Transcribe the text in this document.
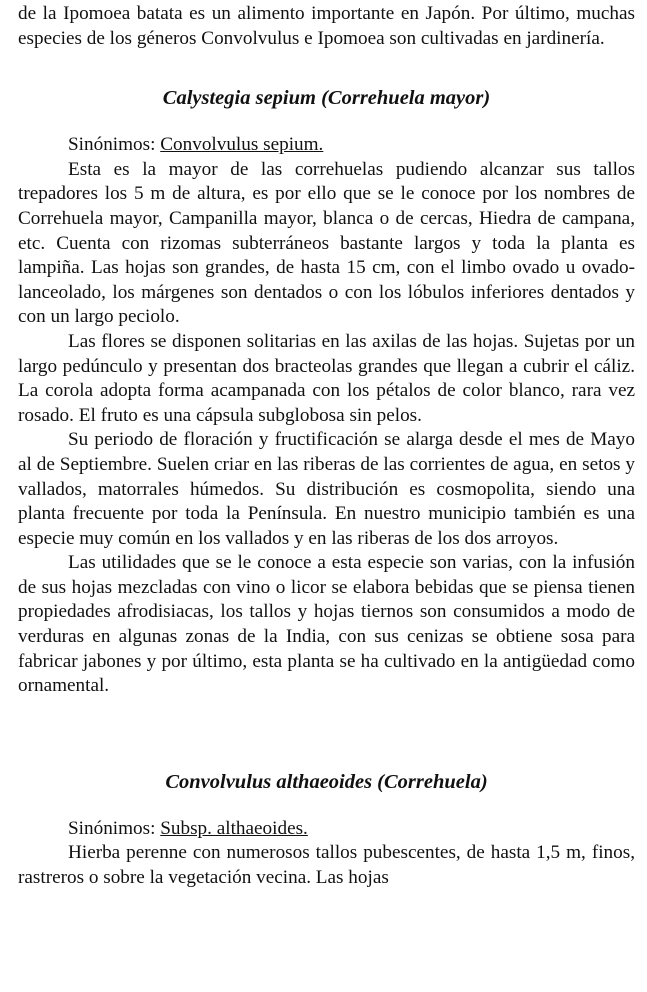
de la Ipomoea batata es un alimento importante en Japón. Por último, muchas especies de los géneros Convolvulus e Ipomoea son cultivadas en jardinería.

Calystegia sepium (Correhuela mayor)

Sinónimos: Convolvulus sepium.

Esta es la mayor de las correhuelas pudiendo alcanzar sus tallos trepadores los 5 m de altura, es por ello que se le conoce por los nombres de Correhuela mayor, Campanilla mayor, blanca o de cercas, Hiedra de campana, etc. Cuenta con rizomas subterráneos bastante largos y toda la planta es lampiña. Las hojas son grandes, de hasta 15 cm, con el limbo ovado u ovado-lanceolado, los márgenes son dentados o con los lóbulos inferiores dentados y con un largo peciolo.

Las flores se disponen solitarias en las axilas de las hojas. Sujetas por un largo pedúnculo y presentan dos bracteolas grandes que llegan a cubrir el cáliz. La corola adopta forma acampanada con los pétalos de color blanco, rara vez rosado. El fruto es una cápsula subglobosa sin pelos.

Su periodo de floración y fructificación se alarga desde el mes de Mayo al de Septiembre. Suelen criar en las riberas de las corrientes de agua, en setos y vallados, matorrales húmedos. Su distribución es cosmopolita, siendo una planta frecuente por toda la Península. En nuestro municipio también es una especie muy común en los vallados y en las riberas de los dos arroyos.

Las utilidades que se le conoce a esta especie son varias, con la infusión de sus hojas mezcladas con vino o licor se elabora bebidas que se piensa tienen propiedades afrodisiacas, los tallos y hojas tiernos son consumidos a modo de verduras en algunas zonas de la India, con sus cenizas se obtiene sosa para fabricar jabones y por último, esta planta se ha cultivado en la antigüedad como ornamental.

Convolvulus althaeoides (Correhuela)

Sinónimos: Subsp. althaeoides.

Hierba perenne con numerosos tallos pubescentes, de hasta 1,5 m, finos, rastreros o sobre la vegetación vecina. Las hojas
